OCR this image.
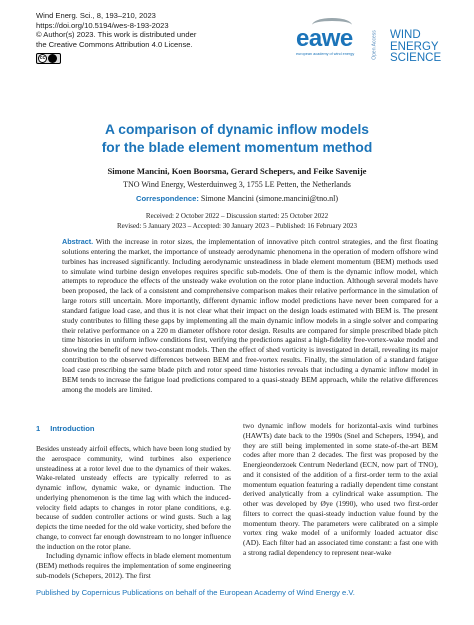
Wind Energ. Sci., 8, 193–210, 2023
https://doi.org/10.5194/wes-8-193-2023
© Author(s) 2023. This work is distributed under
the Creative Commons Attribution 4.0 License.
cc
eawe
european academy of wind energy	Open Access WIND
ENERGY
SCIENCE
A comparison of dynamic inflow models
for the blade element momentum method
Simone Mancini, Koen Boorsma, Gerard Schepers, and Feike Savenije
TNO Wind Energy, Westerduinweg 3, 1755 LE Petten, the Netherlands
Correspondence: Simone Mancini (simone.mancini@tno.nl)
Received: 2 October 2022 – Discussion started: 25 October 2022
Revised: 5 January 2023 – Accepted: 30 January 2023 – Published: 16 February 2023
Abstract. With the increase in rotor sizes, the implementation of innovative pitch control strategies, and the first floating solutions entering the market, the importance of unsteady aerodynamic phenomena in the operation of modern offshore wind turbines has increased significantly. Including aerodynamic unsteadiness in blade element momentum (BEM) methods used to simulate wind turbine design envelopes requires specific sub-models. One of them is the dynamic inflow model, which attempts to reproduce the effects of the unsteady wake evolution on the rotor plane induction. Although several models have been proposed, the lack of a consistent and comprehensive comparison makes their relative performance in the simulation of large rotors still uncertain. More importantly, different dynamic inflow model predictions have never been compared for a standard fatigue load case, and thus it is not clear what their impact on the design loads estimated with BEM is. The present study contributes to filling these gaps by implementing all the main dynamic inflow models in a single solver and comparing their relative performance on a 220 m diameter offshore rotor design. Results are compared for simple prescribed blade pitch time histories in uniform inflow conditions first, verifying the predictions against a high-fidelity free-vortex-wake model and showing the benefit of new two-constant models. Then the effect of shed vorticity is investigated in detail, revealing its major contribution to the observed differences between BEM and free-vortex results. Finally, the simulation of a standard fatigue load case prescribing the same blade pitch and rotor speed time histories reveals that including a dynamic inflow model in BEM tends to increase the fatigue load predictions compared to a quasi-steady BEM approach, while the relative differences among the models are limited.
1 Introduction

Besides unsteady airfoil effects, which have been long studied by the aerospace community, wind turbines also experience unsteadiness at a rotor level due to the dynamics of their wakes. Wake-related unsteady effects are typically referred to as dynamic inflow, dynamic wake, or dynamic induction. The underlying phenomenon is the time lag with which the induced-velocity field adapts to changes in rotor plane conditions, e.g. because of sudden controller actions or wind gusts. Such a lag depicts the time needed for the old wake vorticity, shed before the change, to convect far enough downstream to no longer influence the induction on the rotor plane.

Including dynamic inflow effects in blade element momentum (BEM) methods requires the implementation of some engineering sub-models (Schepers, 2012). The first

two dynamic inflow models for horizontal-axis wind turbines (HAWTs) date back to the 1990s (Snel and Schepers, 1994), and they are still being implemented in some state-of-the-art BEM codes after more than 2 decades. The first was proposed by the Energieonderzoek Centrum Nederland (ECN, now part of TNO), and it consisted of the addition of a first-order term to the axial momentum equation featuring a radially dependent time constant derived analytically from a cylindrical wake assumption. The other was developed by Øye (1990), who used two first-order filters to correct the quasi-steady induction value found by the momentum theory. The parameters were calibrated on a simple vortex ring wake model of a uniformly loaded actuator disc (AD). Each filter had an associated time constant: a fast one with a strong radial dependency to represent near-wake

Published by Copernicus Publications on behalf of the European Academy of Wind Energy e.V.
